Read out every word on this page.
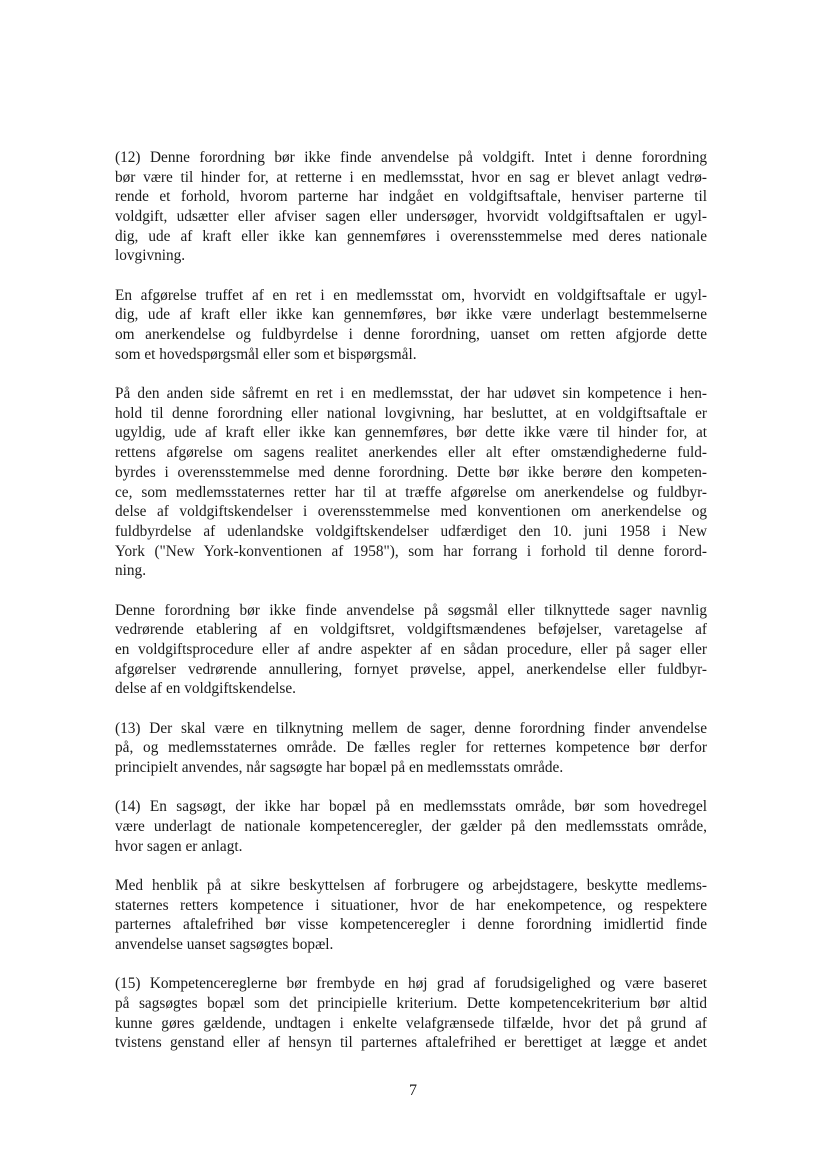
(12) Denne forordning bør ikke finde anvendelse på voldgift. Intet i denne forordning
bør være til hinder for, at retterne i en medlemsstat, hvor en sag er blevet anlagt vedrø-
rende et forhold, hvorom parterne har indgået en voldgiftsaftale, henviser parterne til
voldgift, udsætter eller afviser sagen eller undersøger, hvorvidt voldgiftsaftalen er ugyl-
dig, ude af kraft eller ikke kan gennemføres i overensstemmelse med deres nationale
lovgivning.
En afgørelse truffet af en ret i en medlemsstat om, hvorvidt en voldgiftsaftale er ugyl-
dig, ude af kraft eller ikke kan gennemføres, bør ikke være underlagt bestemmelserne
om anerkendelse og fuldbyrdelse i denne forordning, uanset om retten afgjorde dette
som et hovedspørgsmål eller som et bispørgsmål.
På den anden side såfremt en ret i en medlemsstat, der har udøvet sin kompetence i hen-
hold til denne forordning eller national lovgivning, har besluttet, at en voldgiftsaftale er
ugyldig, ude af kraft eller ikke kan gennemføres, bør dette ikke være til hinder for, at
rettens afgørelse om sagens realitet anerkendes eller alt efter omstændighederne fuld-
byrdes i overensstemmelse med denne forordning. Dette bør ikke berøre den kompeten-
ce, som medlemsstaternes retter har til at træffe afgørelse om anerkendelse og fuldbyr-
delse af voldgiftskendelser i overensstemmelse med konventionen om anerkendelse og
fuldbyrdelse af udenlandske voldgiftskendelser udfærdiget den 10. juni 1958 i New
York ("New York-konventionen af 1958"), som har forrang i forhold til denne forord-
ning.
Denne forordning bør ikke finde anvendelse på søgsmål eller tilknyttede sager navnlig
vedrørende etablering af en voldgiftsret, voldgiftsmændenes beføjelser, varetagelse af
en voldgiftsprocedure eller af andre aspekter af en sådan procedure, eller på sager eller
afgørelser vedrørende annullering, fornyet prøvelse, appel, anerkendelse eller fuldbyr-
delse af en voldgiftskendelse.
(13) Der skal være en tilknytning mellem de sager, denne forordning finder anvendelse
på, og medlemsstaternes område. De fælles regler for retternes kompetence bør derfor
principielt anvendes, når sagsøgte har bopæl på en medlemsstats område.
(14) En sagsøgt, der ikke har bopæl på en medlemsstats område, bør som hovedregel
være underlagt de nationale kompetenceregler, der gælder på den medlemsstats område,
hvor sagen er anlagt.
Med henblik på at sikre beskyttelsen af forbrugere og arbejdstagere, beskytte medlems-
staternes retters kompetence i situationer, hvor de har enekompetence, og respektere
parternes aftalefrihed bør visse kompetenceregler i denne forordning imidlertid finde
anvendelse uanset sagsøgtes bopæl.
(15) Kompetencereglerne bør frembyde en høj grad af forudsigelighed og være baseret
på sagsøgtes bopæl som det principielle kriterium. Dette kompetencekriterium bør altid
kunne gøres gældende, undtagen i enkelte velafgrænsede tilfælde, hvor det på grund af
tvistens genstand eller af hensyn til parternes aftalefrihed er berettiget at lægge et andet
7
